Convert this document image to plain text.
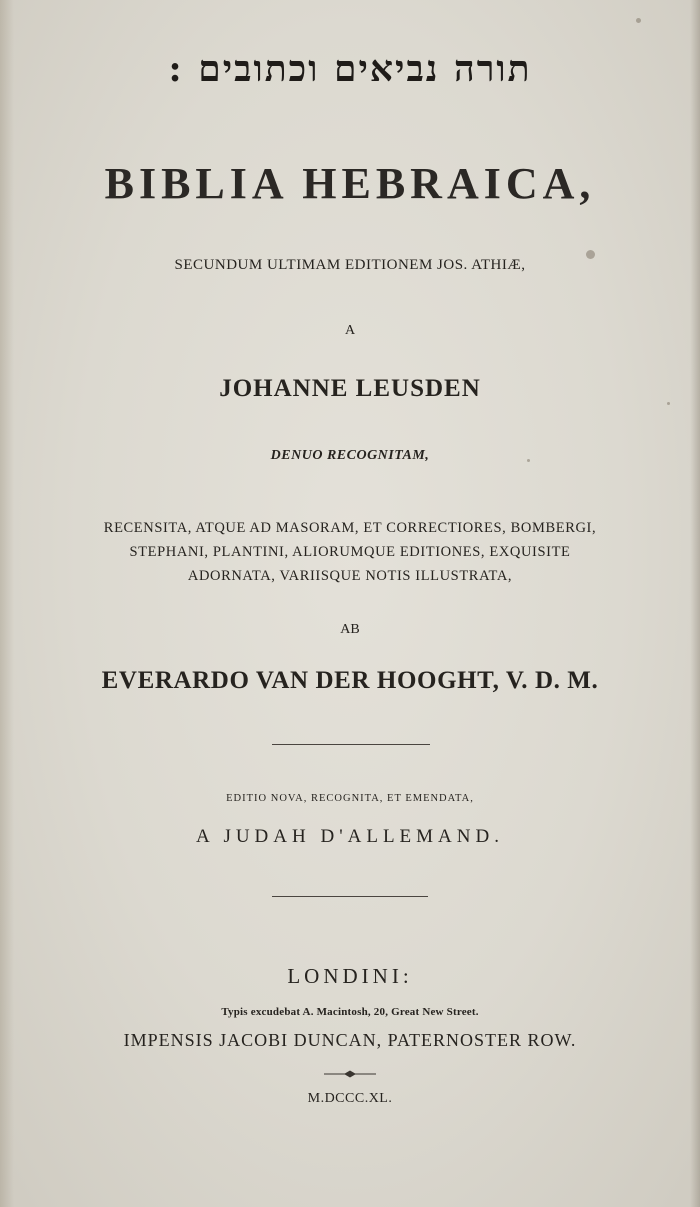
תורה נביאים וכתובים :
BIBLIA HEBRAICA,
SECUNDUM ULTIMAM EDITIONEM JOS. ATHIÆ,
A
JOHANNE LEUSDEN
DENUO RECOGNITAM,
RECENSITA, ATQUE AD MASORAM, ET CORRECTIORES, BOMBERGI,
STEPHANI, PLANTINI, ALIORUMQUE EDITIONES, EXQUISITE
ADORNATA, VARIISQUE NOTIS ILLUSTRATA,
AB
EVERARDO VAN DER HOOGHT, V. D. M.
EDITIO NOVA, RECOGNITA, ET EMENDATA,
A JUDAH D'ALLEMAND.
LONDINI:
Typis excudebat A. Macintosh, 20, Great New Street.
IMPENSIS JACOBI DUNCAN, PATERNOSTER ROW.
M.DCCC.XL.
